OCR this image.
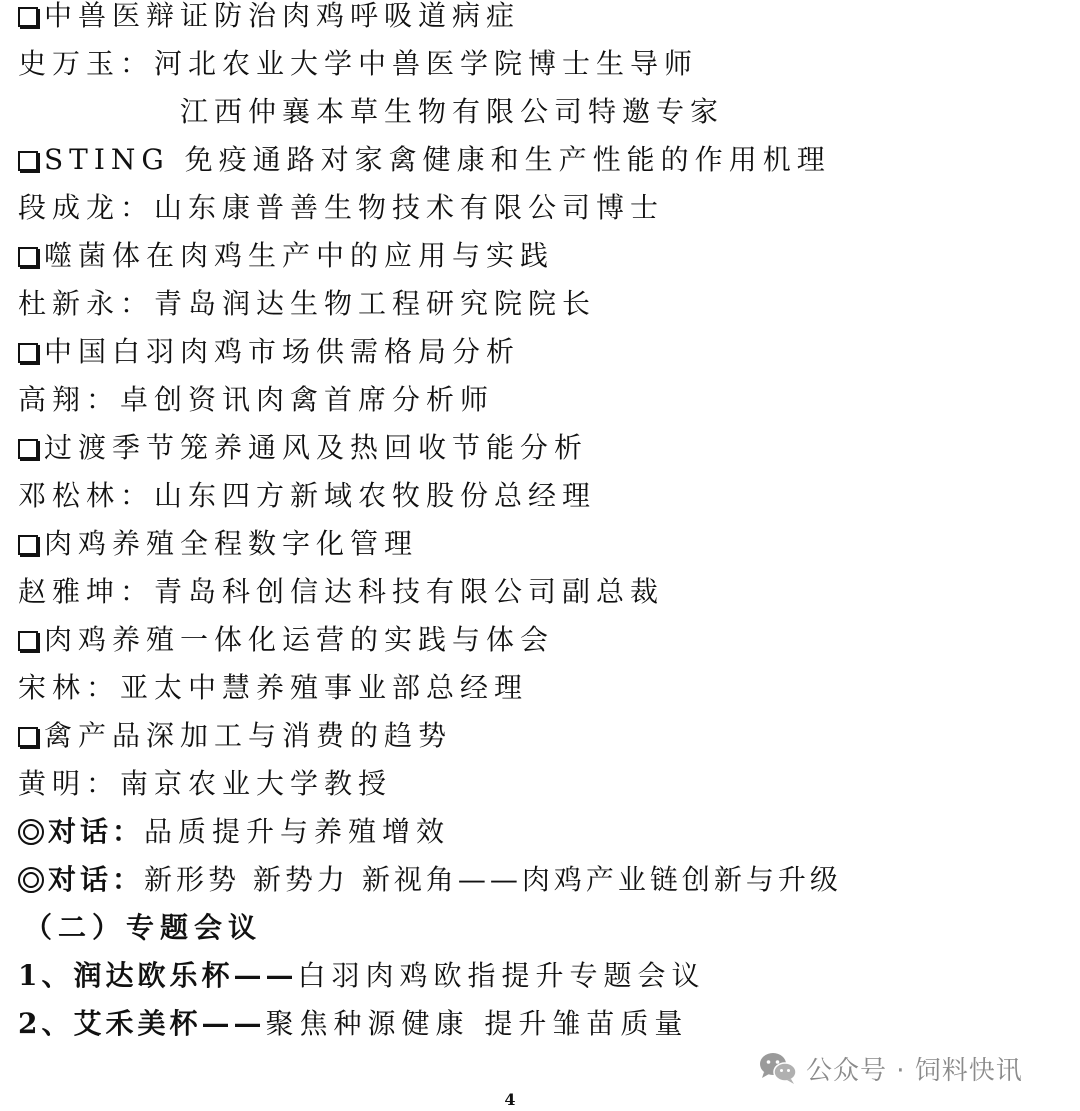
中兽医辩证防治肉鸡呼吸道病症
史万玉：河北农业大学中兽医学院博士生导师
江西仲襄本草生物有限公司特邀专家
STING 免疫通路对家禽健康和生产性能的作用机理
段成龙：山东康普善生物技术有限公司博士
噬菌体在肉鸡生产中的应用与实践
杜新永：青岛润达生物工程研究院院长
中国白羽肉鸡市场供需格局分析
高翔：卓创资讯肉禽首席分析师
过渡季节笼养通风及热回收节能分析
邓松林：山东四方新域农牧股份总经理
肉鸡养殖全程数字化管理
赵雅坤：青岛科创信达科技有限公司副总裁
肉鸡养殖一体化运营的实践与体会
宋林：亚太中慧养殖事业部总经理
禽产品深加工与消费的趋势
黄明：南京农业大学教授
对话：品质提升与养殖增效
对话：新形势 新势力 新视角——肉鸡产业链创新与升级
（二）专题会议
1、润达欧乐杯——白羽肉鸡欧指提升专题会议
2、艾禾美杯——聚焦种源健康 提升雏苗质量
公众号 · 饲料快讯
4
